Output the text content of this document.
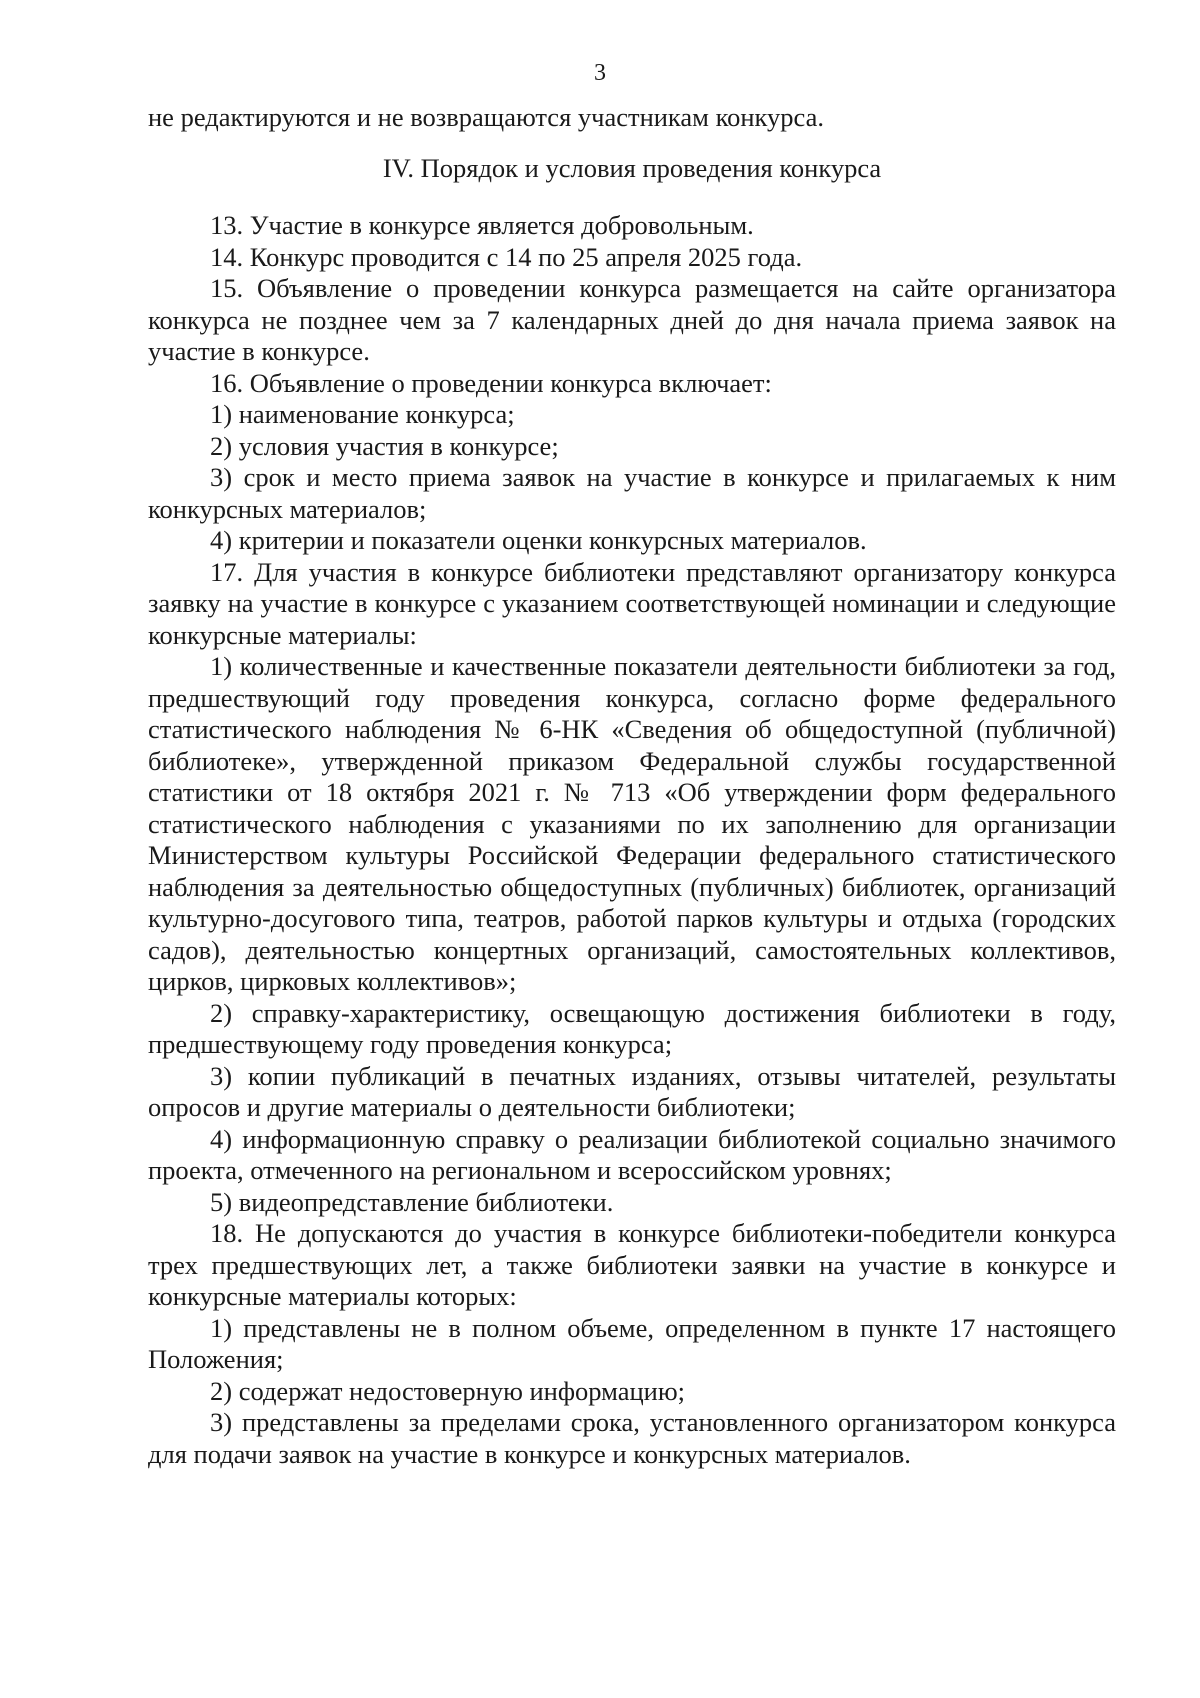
3

не редактируются и не возвращаются участникам конкурса.

IV. Порядок и условия проведения конкурса

13. Участие в конкурсе является добровольным.

14. Конкурс проводится с 14 по 25 апреля 2025 года.

15. Объявление о проведении конкурса размещается на сайте организатора конкурса не позднее чем за 7 календарных дней до дня начала приема заявок на участие в конкурсе.

16. Объявление о проведении конкурса включает:

1) наименование конкурса;

2) условия участия в конкурсе;

3) срок и место приема заявок на участие в конкурсе и прилагаемых к ним конкурсных материалов;

4) критерии и показатели оценки конкурсных материалов.

17. Для участия в конкурсе библиотеки представляют организатору конкурса заявку на участие в конкурсе с указанием соответствующей номинации и следующие конкурсные материалы:

1) количественные и качественные показатели деятельности библиотеки за год, предшествующий году проведения конкурса, согласно форме федерального статистического наблюдения № 6-НК «Сведения об общедоступной (публичной) библиотеке», утвержденной приказом Федеральной службы государственной статистики от 18 октября 2021 г. № 713 «Об утверждении форм федерального статистического наблюдения с указаниями по их заполнению для организации Министерством культуры Российской Федерации федерального статистического наблюдения за деятельностью общедоступных (публичных) библиотек, организаций культурно-досугового типа, театров, работой парков культуры и отдыха (городских садов), деятельностью концертных организаций, самостоятельных коллективов, цирков, цирковых коллективов»;

2) справку-характеристику, освещающую достижения библиотеки в году, предшествующему году проведения конкурса;

3) копии публикаций в печатных изданиях, отзывы читателей, результаты опросов и другие материалы о деятельности библиотеки;

4) информационную справку о реализации библиотекой социально значимого проекта, отмеченного на региональном и всероссийском уровнях;

5) видеопредставление библиотеки.

18. Не допускаются до участия в конкурсе библиотеки-победители конкурса трех предшествующих лет, а также библиотеки заявки на участие в конкурсе и конкурсные материалы которых:

1) представлены не в полном объеме, определенном в пункте 17 настоящего Положения;

2) содержат недостоверную информацию;

3) представлены за пределами срока, установленного организатором конкурса для подачи заявок на участие в конкурсе и конкурсных материалов.
